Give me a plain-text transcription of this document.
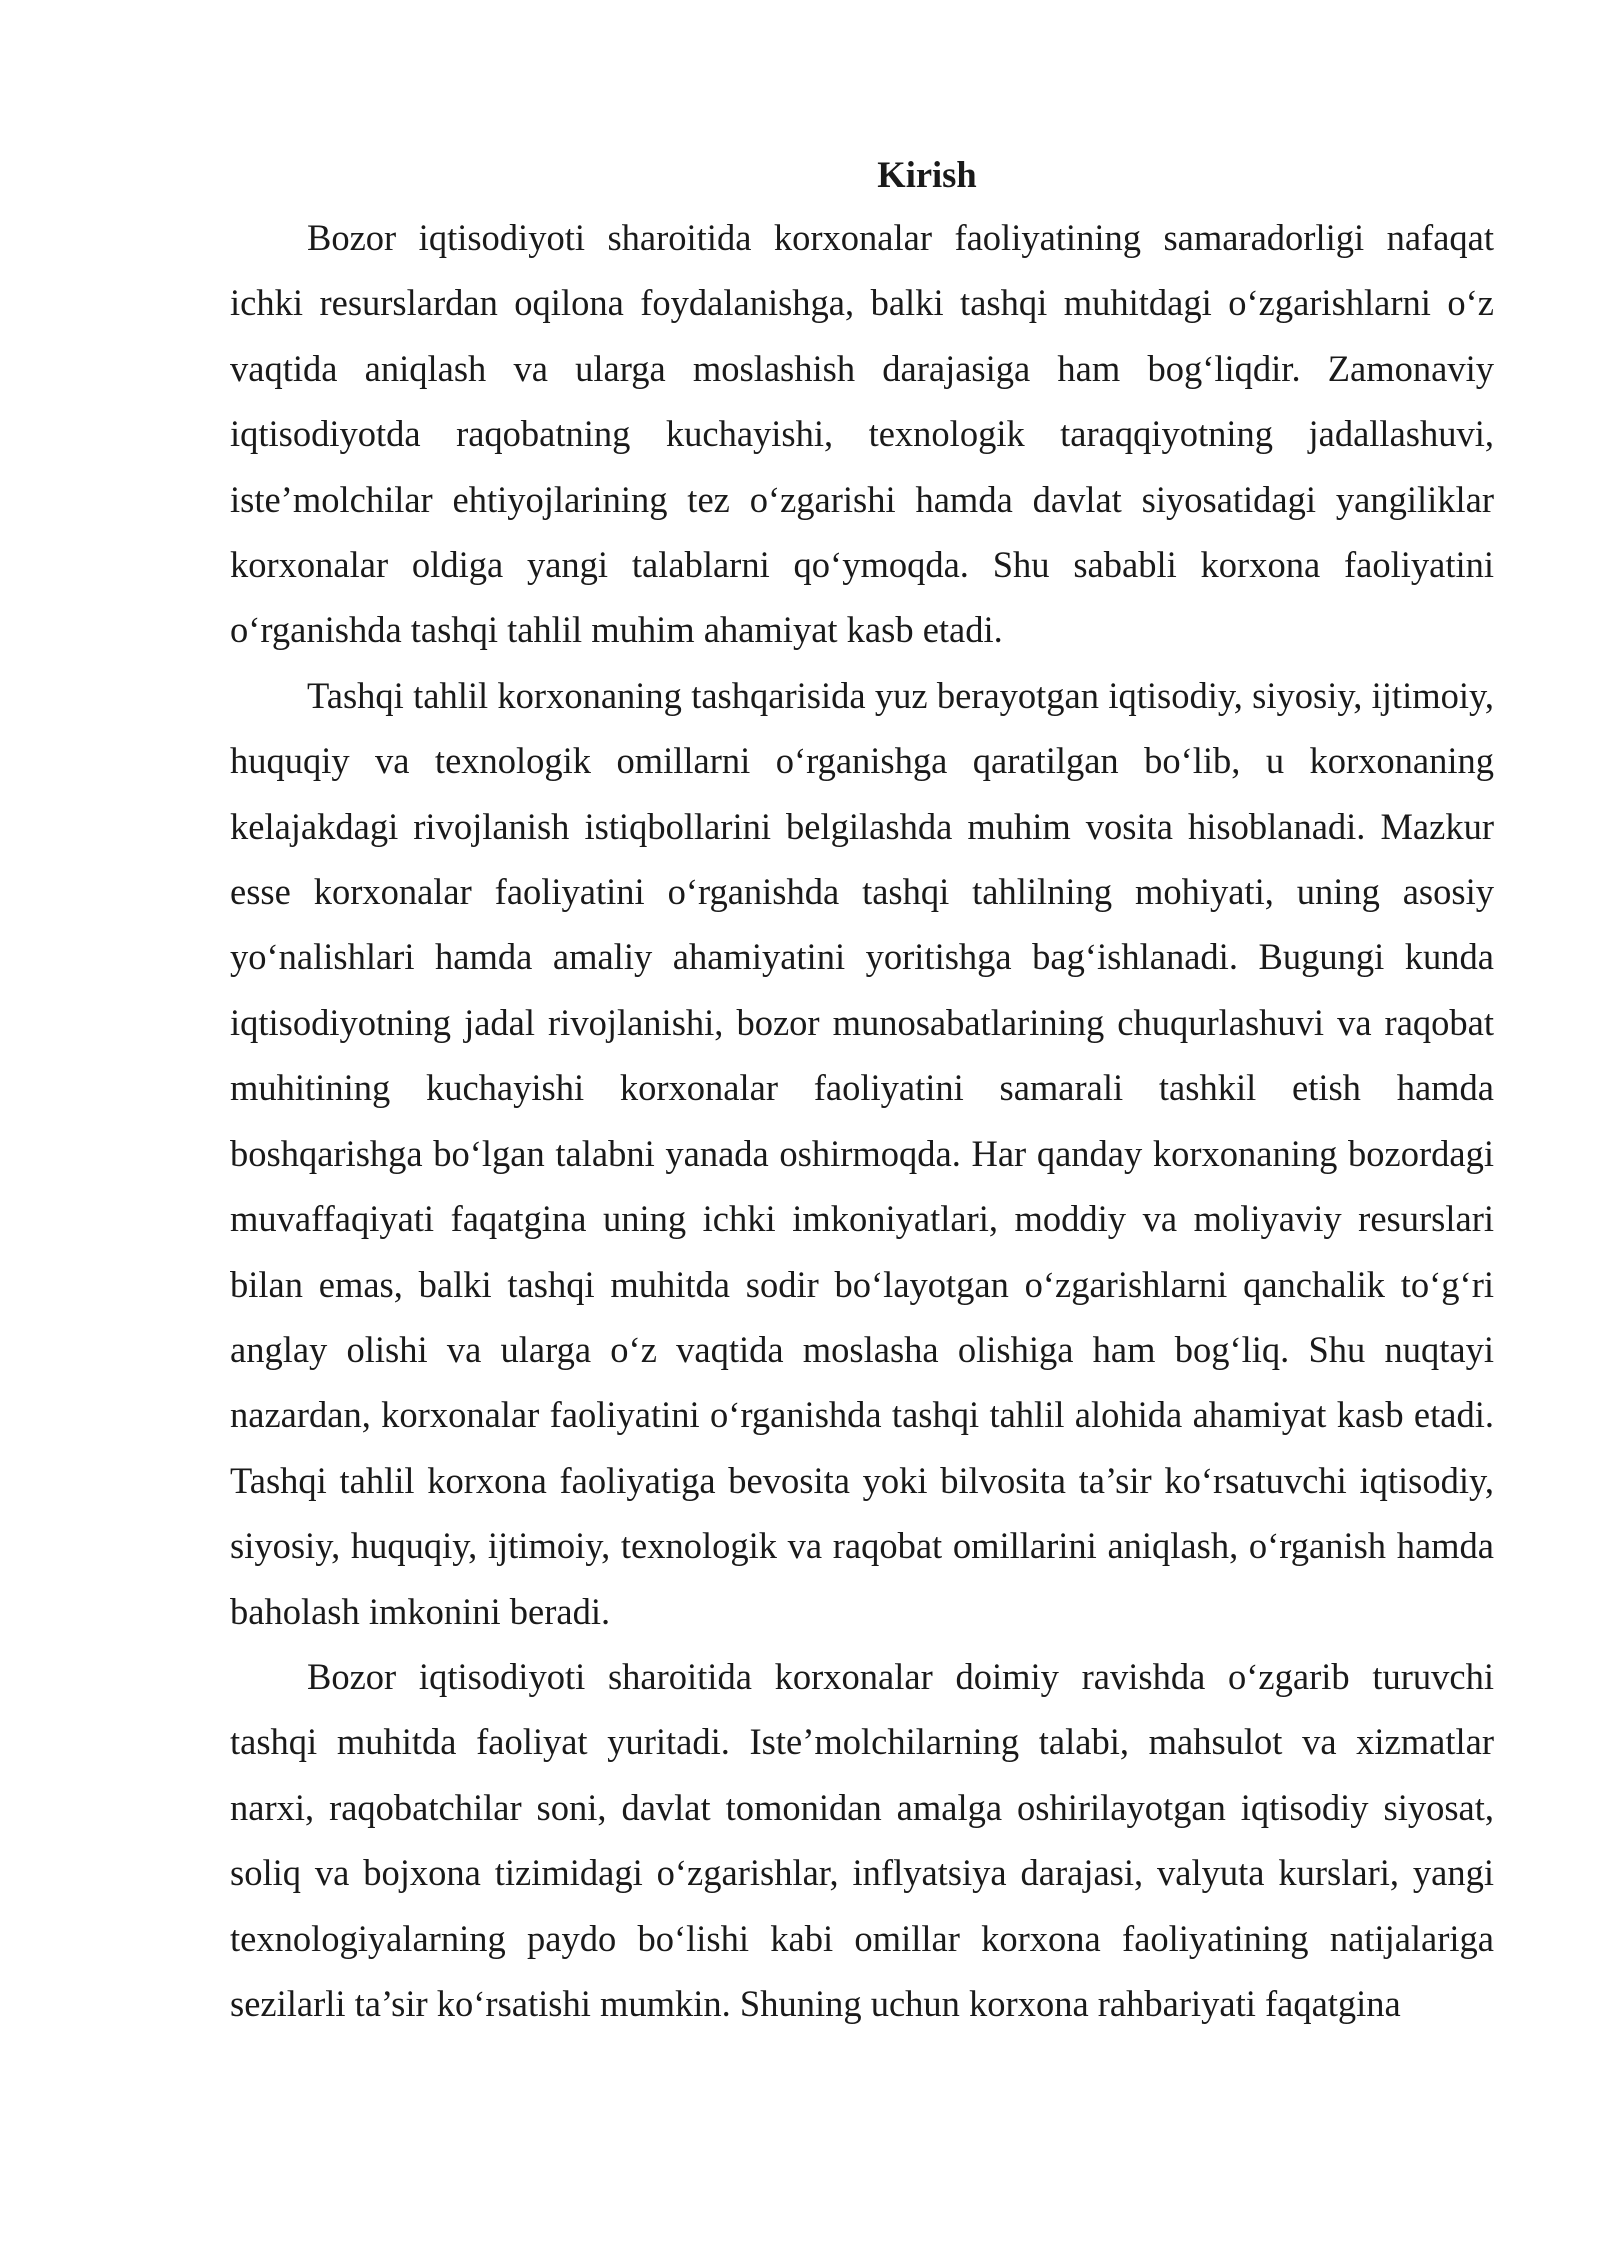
Kirish

Bozor iqtisodiyoti sharoitida korxonalar faoliyatining samaradorligi nafaqat ichki resurslardan oqilona foydalanishga, balki tashqi muhitdagi o‘zgarishlarni o‘z vaqtida aniqlash va ularga moslashish darajasiga ham bog‘liqdir. Zamonaviy iqtisodiyotda raqobatning kuchayishi, texnologik taraqqiyotning jadallashuvi, iste’molchilar ehtiyojlarining tez o‘zgarishi hamda davlat siyosatidagi yangiliklar korxonalar oldiga yangi talablarni qo‘ymoqda. Shu sababli korxona faoliyatini o‘rganishda tashqi tahlil muhim ahamiyat kasb etadi.

Tashqi tahlil korxonaning tashqarisida yuz berayotgan iqtisodiy, siyosiy, ijtimoiy, huquqiy va texnologik omillarni o‘rganishga qaratilgan bo‘lib, u korxonaning kelajakdagi rivojlanish istiqbollarini belgilashda muhim vosita hisoblanadi. Mazkur esse korxonalar faoliyatini o‘rganishda tashqi tahlilning mohiyati, uning asosiy yo‘nalishlari hamda amaliy ahamiyatini yoritishga bag‘ishlanadi. Bugungi kunda iqtisodiyotning jadal rivojlanishi, bozor munosabatlarining chuqurlashuvi va raqobat muhitining kuchayishi korxonalar faoliyatini samarali tashkil etish hamda boshqarishga bo‘lgan talabni yanada oshirmoqda. Har qanday korxonaning bozordagi muvaffaqiyati faqatgina uning ichki imkoniyatlari, moddiy va moliyaviy resurslari bilan emas, balki tashqi muhitda sodir bo‘layotgan o‘zgarishlarni qanchalik to‘g‘ri anglay olishi va ularga o‘z vaqtida moslasha olishiga ham bog‘liq. Shu nuqtayi nazardan, korxonalar faoliyatini o‘rganishda tashqi tahlil alohida ahamiyat kasb etadi. Tashqi tahlil korxona faoliyatiga bevosita yoki bilvosita ta’sir ko‘rsatuvchi iqtisodiy, siyosiy, huquqiy, ijtimoiy, texnologik va raqobat omillarini aniqlash, o‘rganish hamda baholash imkonini beradi.

Bozor iqtisodiyoti sharoitida korxonalar doimiy ravishda o‘zgarib turuvchi tashqi muhitda faoliyat yuritadi. Iste’molchilarning talabi, mahsulot va xizmatlar narxi, raqobatchilar soni, davlat tomonidan amalga oshirilayotgan iqtisodiy siyosat, soliq va bojxona tizimidagi o‘zgarishlar, inflyatsiya darajasi, valyuta kurslari, yangi texnologiyalarning paydo bo‘lishi kabi omillar korxona faoliyatining natijalariga sezilarli ta’sir ko‘rsatishi mumkin. Shuning uchun korxona rahbariyati faqatgina
